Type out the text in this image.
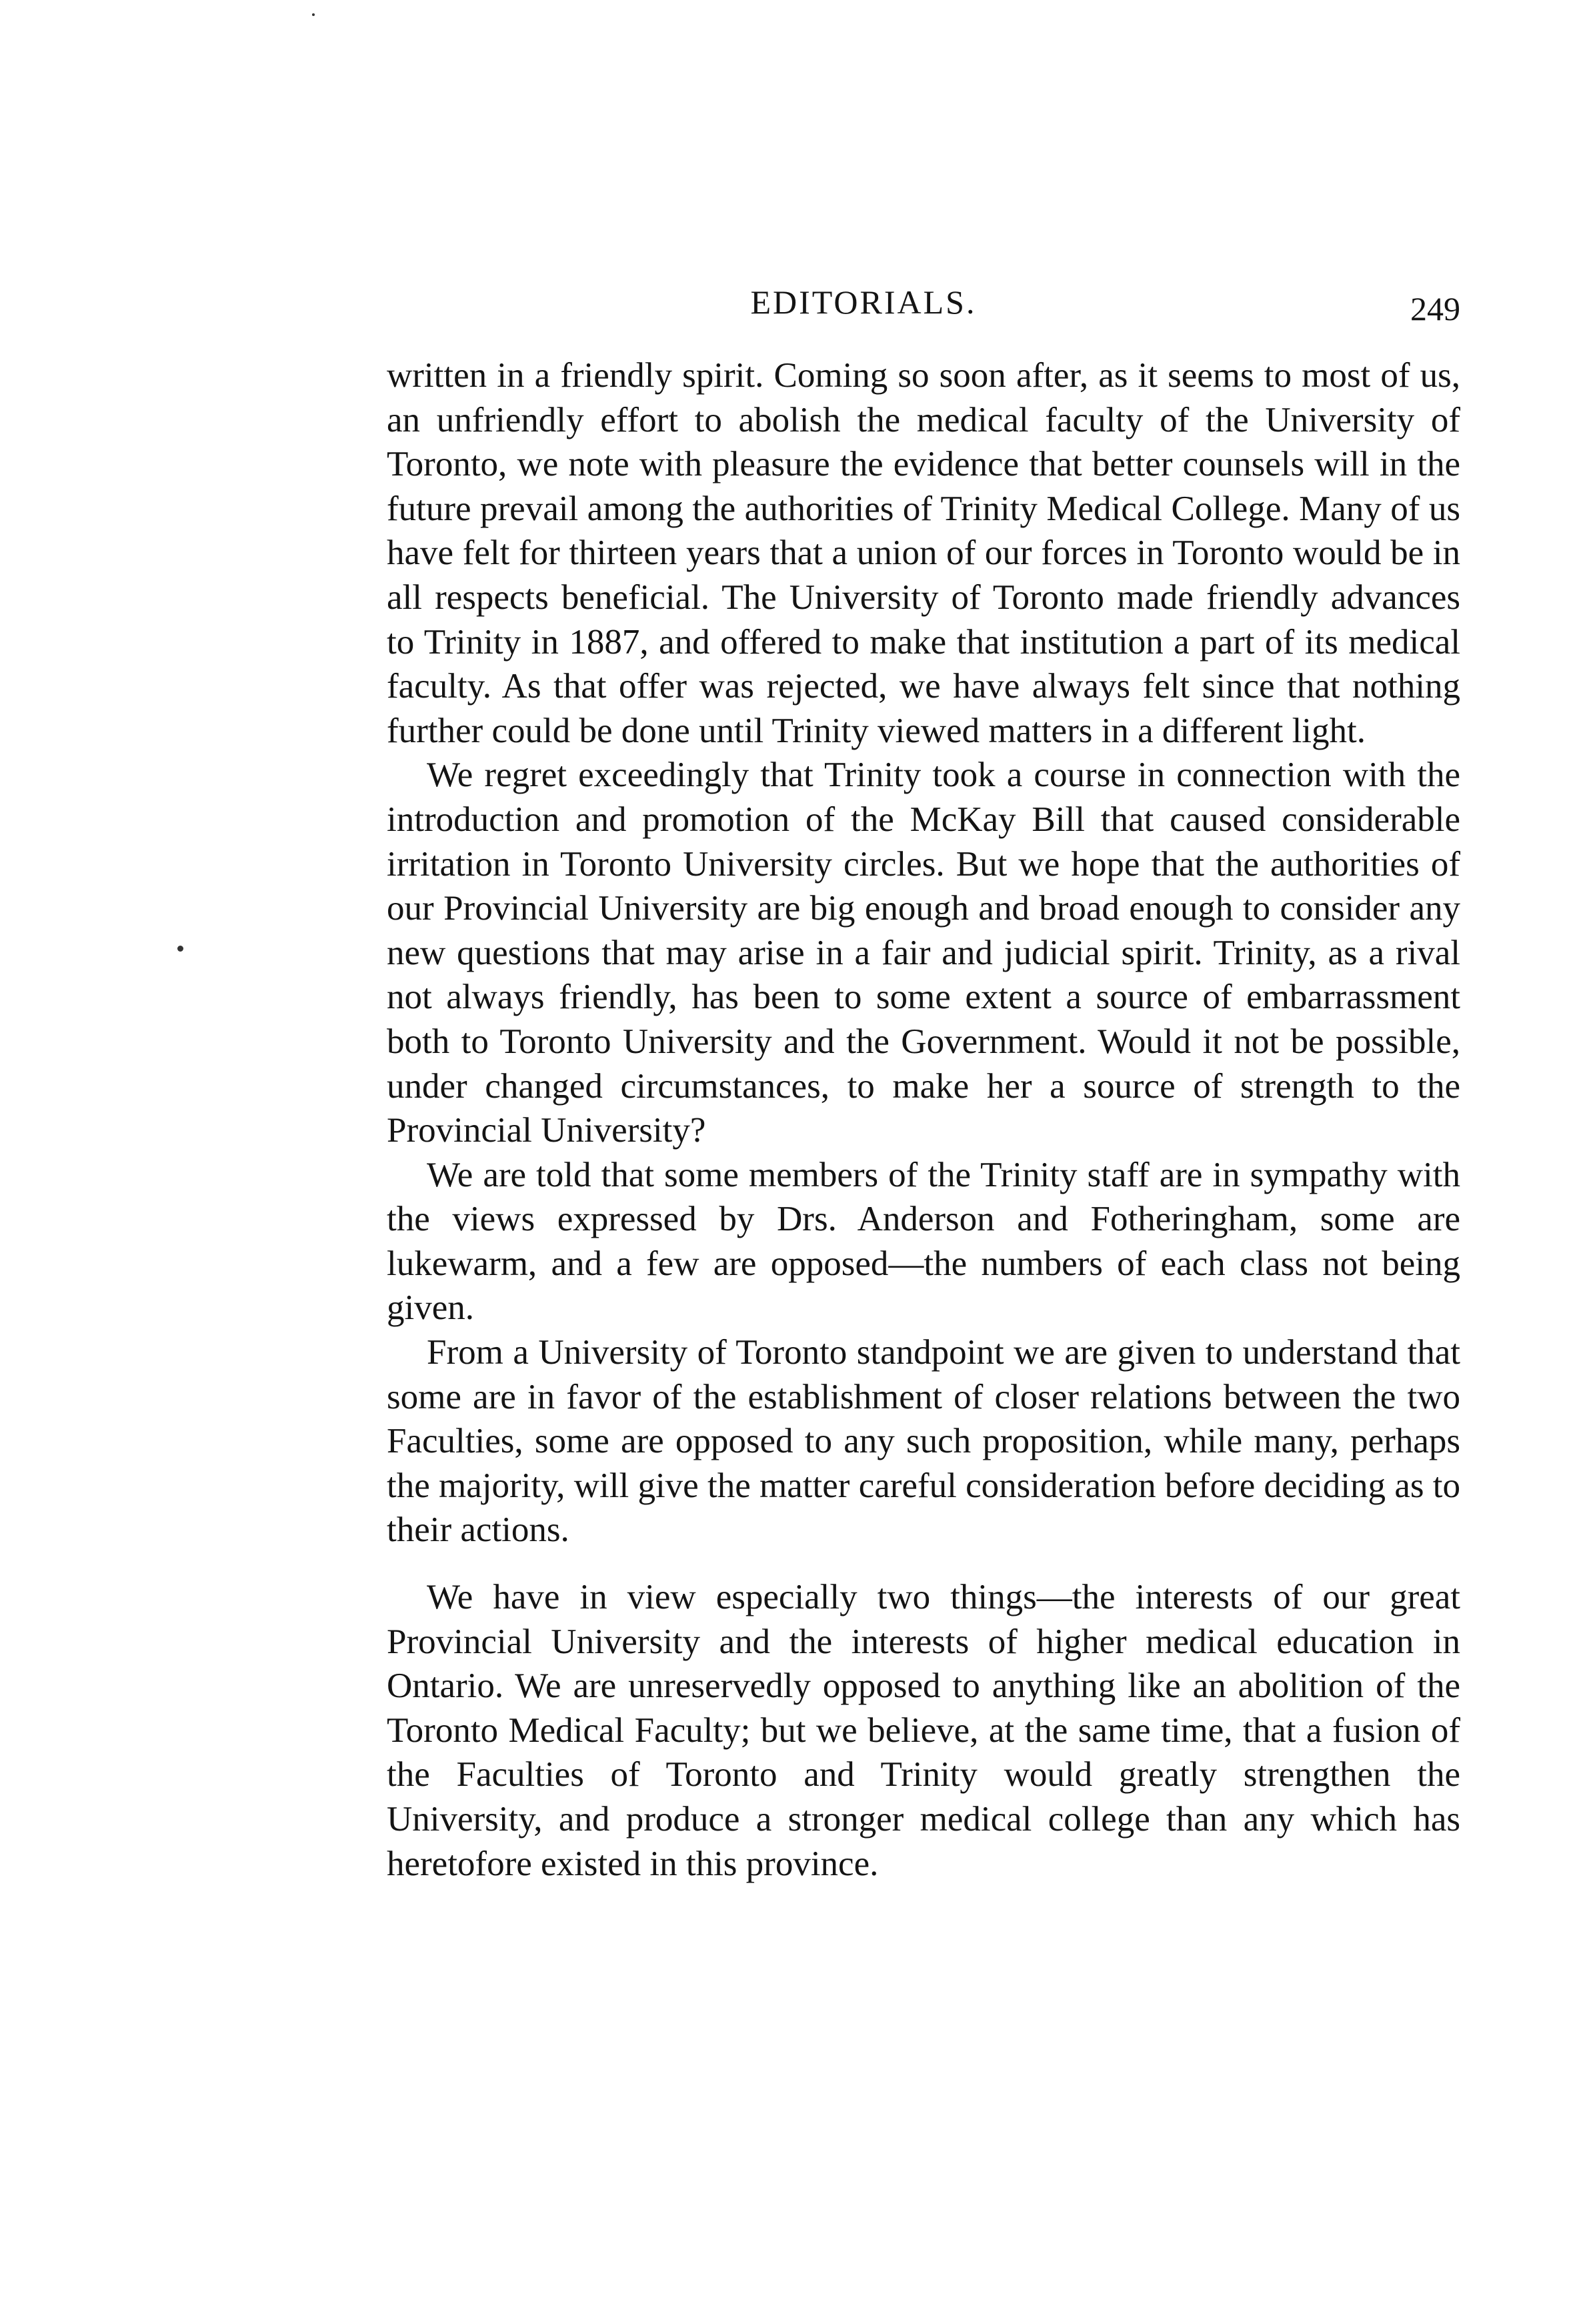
EDITORIALS.	249

written in a friendly spirit. Coming so soon after, as it seems to most of us, an unfriendly effort to abolish the medical faculty of the University of Toronto, we note with pleasure the evidence that better counsels will in the future prevail among the authorities of Trinity Medical College. Many of us have felt for thirteen years that a union of our forces in Toronto would be in all respects beneficial. The University of Toronto made friendly advances to Trinity in 1887, and offered to make that institution a part of its medical faculty. As that offer was rejected, we have always felt since that nothing further could be done until Trinity viewed matters in a different light.

We regret exceedingly that Trinity took a course in connection with the introduction and promotion of the McKay Bill that caused considerable irritation in Toronto University circles. But we hope that the authorities of our Provincial University are big enough and broad enough to consider any new questions that may arise in a fair and judicial spirit. Trinity, as a rival not always friendly, has been to some extent a source of embarrassment both to Toronto University and the Government. Would it not be possible, under changed circumstances, to make her a source of strength to the Provincial University?

We are told that some members of the Trinity staff are in sympathy with the views expressed by Drs. Anderson and Fotheringham, some are lukewarm, and a few are opposed—the numbers of each class not being given.

From a University of Toronto standpoint we are given to understand that some are in favor of the establishment of closer relations between the two Faculties, some are opposed to any such proposition, while many, perhaps the majority, will give the matter careful consideration before deciding as to their actions.

We have in view especially two things—the interests of our great Provincial University and the interests of higher medical education in Ontario. We are unreservedly opposed to anything like an abolition of the Toronto Medical Faculty; but we believe, at the same time, that a fusion of the Faculties of Toronto and Trinity would greatly strengthen the University, and produce a stronger medical college than any which has heretofore existed in this province.
